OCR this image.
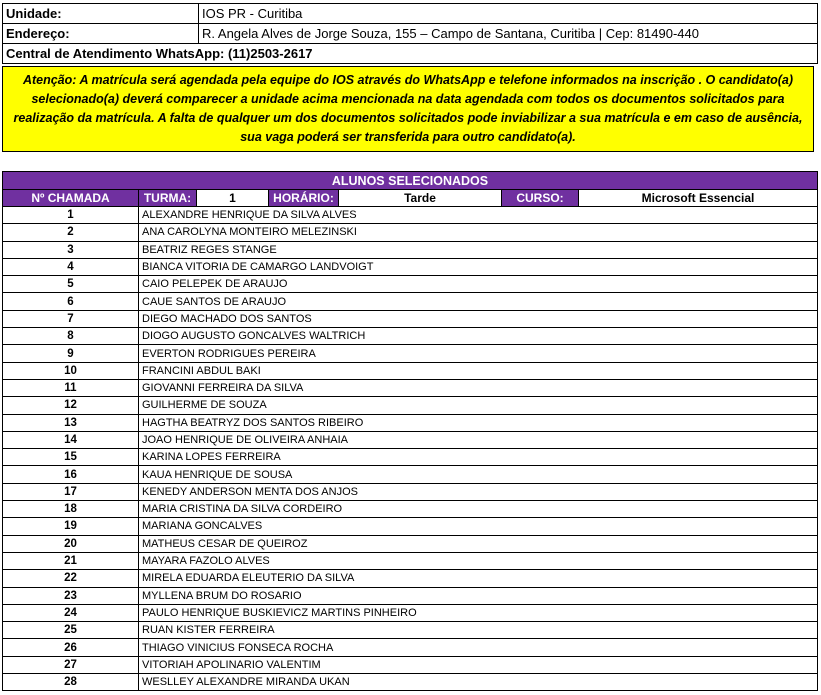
Unidade:	IOS PR - Curitiba
Endereço:	R. Angela Alves de Jorge Souza, 155 – Campo de Santana, Curitiba | Cep: 81490-440
Central de Atendimento WhatsApp: (11)2503-2617	
Atenção: A matrícula será agendada pela equipe do IOS através do WhatsApp e telefone informados na inscrição . O candidato(a) selecionado(a) deverá comparecer a unidade acima mencionada na data agendada com todos os documentos solicitados para realização da matrícula. A falta de qualquer um dos documentos solicitados pode inviabilizar a sua matrícula e em caso de ausência, sua vaga poderá ser transferida para outro candidato(a).
ALUNOS SELECIONADOS						
Nº CHAMADA	TURMA:	1	HORÁRIO:	Tarde	CURSO:	Microsoft Essencial
1	ALEXANDRE HENRIQUE DA SILVA ALVES					
2	ANA CAROLYNA MONTEIRO MELEZINSKI					
3	BEATRIZ REGES STANGE					
4	BIANCA VITORIA DE CAMARGO LANDVOIGT					
5	CAIO PELEPEK DE ARAUJO					
6	CAUE SANTOS DE ARAUJO					
7	DIEGO MACHADO DOS SANTOS					
8	DIOGO AUGUSTO GONCALVES WALTRICH					
9	EVERTON RODRIGUES PEREIRA					
10	FRANCINI ABDUL BAKI					
11	GIOVANNI FERREIRA DA SILVA					
12	GUILHERME DE SOUZA					
13	HAGTHA BEATRYZ DOS SANTOS RIBEIRO					
14	JOAO HENRIQUE DE OLIVEIRA ANHAIA					
15	KARINA LOPES FERREIRA					
16	KAUA HENRIQUE DE SOUSA					
17	KENEDY ANDERSON MENTA DOS ANJOS					
18	MARIA CRISTINA DA SILVA CORDEIRO					
19	MARIANA GONCALVES					
20	MATHEUS CESAR DE QUEIROZ					
21	MAYARA FAZOLO ALVES					
22	MIRELA EDUARDA ELEUTERIO DA SILVA					
23	MYLLENA BRUM DO ROSARIO					
24	PAULO HENRIQUE BUSKIEVICZ MARTINS PINHEIRO					
25	RUAN KISTER FERREIRA					
26	THIAGO VINICIUS FONSECA ROCHA					
27	VITORIAH APOLINARIO VALENTIM					
28	WESLLEY ALEXANDRE MIRANDA UKAN					
